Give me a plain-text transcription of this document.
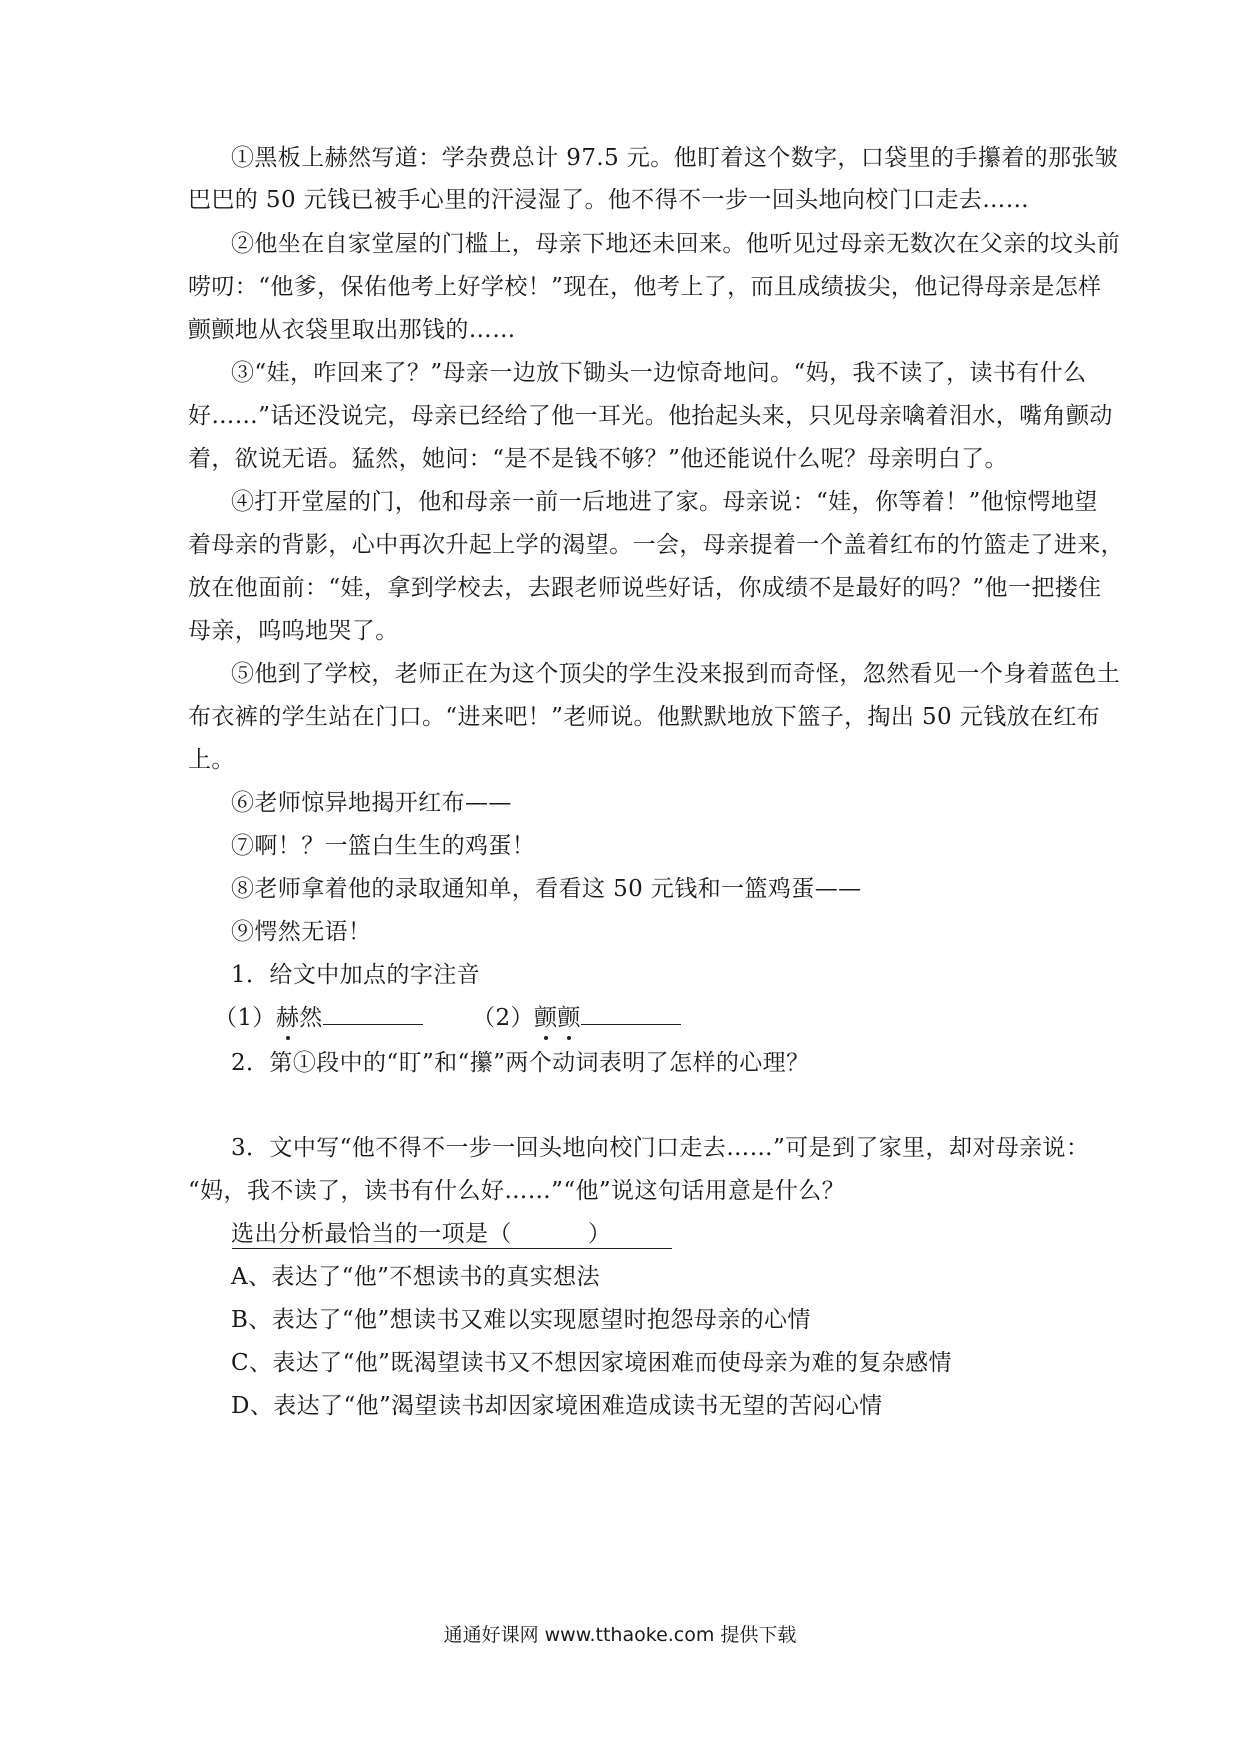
①黑板上赫然写道：学杂费总计 97.5 元。他盯着这个数字，口袋里的手攥着的那张皱
巴巴的 50 元钱已被手心里的汗浸湿了。他不得不一步一回头地向校门口走去……
②他坐在自家堂屋的门槛上，母亲下地还未回来。他听见过母亲无数次在父亲的坟头前
唠叨：“他爹，保佑他考上好学校！”现在，他考上了，而且成绩拔尖，他记得母亲是怎样
颤颤地从衣袋里取出那钱的……
③“娃，咋回来了？”母亲一边放下锄头一边惊奇地问。“妈，我不读了，读书有什么
好……”话还没说完，母亲已经给了他一耳光。他抬起头来，只见母亲噙着泪水，嘴角颤动
着，欲说无语。猛然，她问：“是不是钱不够？”他还能说什么呢？母亲明白了。
④打开堂屋的门，他和母亲一前一后地进了家。母亲说：“娃，你等着！”他惊愕地望
着母亲的背影，心中再次升起上学的渴望。一会，母亲提着一个盖着红布的竹篮走了进来，
放在他面前：“娃，拿到学校去，去跟老师说些好话，你成绩不是最好的吗？”他一把搂住
母亲，呜呜地哭了。
⑤他到了学校，老师正在为这个顶尖的学生没来报到而奇怪，忽然看见一个身着蓝色土
布衣裤的学生站在门口。“进来吧！”老师说。他默默地放下篮子，掏出 50 元钱放在红布
上。
⑥老师惊异地揭开红布——
⑦啊！？一篮白生生的鸡蛋！
⑧老师拿着他的录取通知单，看看这 50 元钱和一篮鸡蛋——
⑨愕然无语！
1．给文中加点的字注音
（1）赫然	（2）颤颤
2．第①段中的“盯”和“攥”两个动词表明了怎样的心理？
3．文中写“他不得不一步一回头地向校门口走去……”可是到了家里，却对母亲说：
“妈，我不读了，读书有什么好……”“他”说这句话用意是什么？
选出分析最恰当的一项是（	）
A、表达了“他”不想读书的真实想法
B、表达了“他”想读书又难以实现愿望时抱怨母亲的心情
C、表达了“他”既渴望读书又不想因家境困难而使母亲为难的复杂感情
D、表达了“他”渴望读书却因家境困难造成读书无望的苦闷心情
通通好课网 www.tthaoke.com 提供下载
